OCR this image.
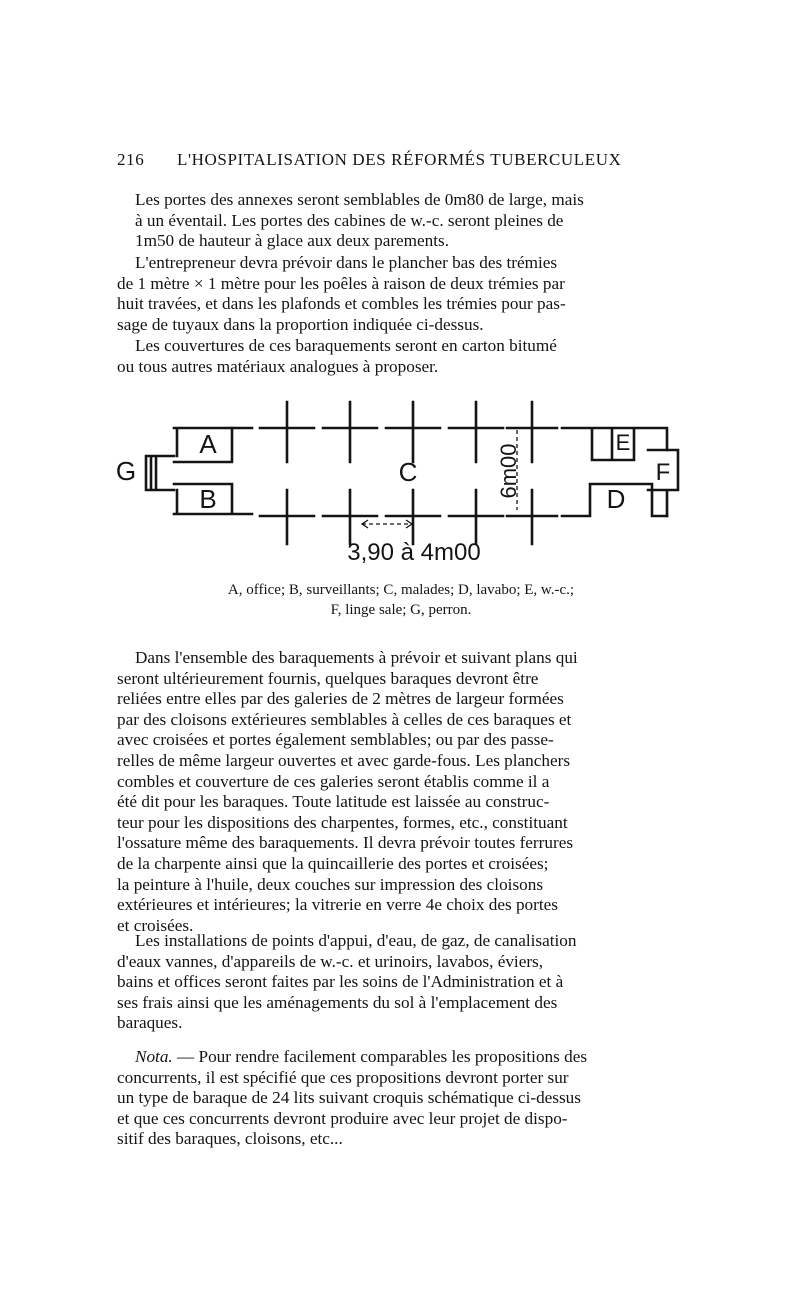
216 L'HOSPITALISATION DES RÉFORMÉS TUBERCULEUX
Les portes des annexes seront semblables de 0m80 de large, mais
à un éventail. Les portes des cabines de w.-c. seront pleines de
1m50 de hauteur à glace aux deux parements.
L'entrepreneur devra prévoir dans le plancher bas des trémies
de 1 mètre × 1 mètre pour les poêles à raison de deux trémies par
huit travées, et dans les plafonds et combles les trémies pour pas-
sage de tuyaux dans la proportion indiquée ci-dessus.
Les couvertures de ces baraquements seront en carton bitumé
ou tous autres matériaux analogues à proposer.
A
B
G	C
D
E
F
6m00
3,90 à 4m00
A, office; B, surveillants; C, malades; D, lavabo; E, w.-c.;
F, linge sale; G, perron.
Dans l'ensemble des baraquements à prévoir et suivant plans qui
seront ultérieurement fournis, quelques baraques devront être
reliées entre elles par des galeries de 2 mètres de largeur formées
par des cloisons extérieures semblables à celles de ces baraques et
avec croisées et portes également semblables; ou par des passe-
relles de même largeur ouvertes et avec garde-fous. Les planchers
combles et couverture de ces galeries seront établis comme il a
été dit pour les baraques. Toute latitude est laissée au construc-
teur pour les dispositions des charpentes, formes, etc., constituant
l'ossature même des baraquements. Il devra prévoir toutes ferrures
de la charpente ainsi que la quincaillerie des portes et croisées;
la peinture à l'huile, deux couches sur impression des cloisons
extérieures et intérieures; la vitrerie en verre 4e choix des portes
et croisées.
Les installations de points d'appui, d'eau, de gaz, de canalisation
d'eaux vannes, d'appareils de w.-c. et urinoirs, lavabos, éviers,
bains et offices seront faites par les soins de l'Administration et à
ses frais ainsi que les aménagements du sol à l'emplacement des
baraques.
Nota. — Pour rendre facilement comparables les propositions des
concurrents, il est spécifié que ces propositions devront porter sur
un type de baraque de 24 lits suivant croquis schématique ci-dessus
et que ces concurrents devront produire avec leur projet de dispo-
sitif des baraques, cloisons, etc...
